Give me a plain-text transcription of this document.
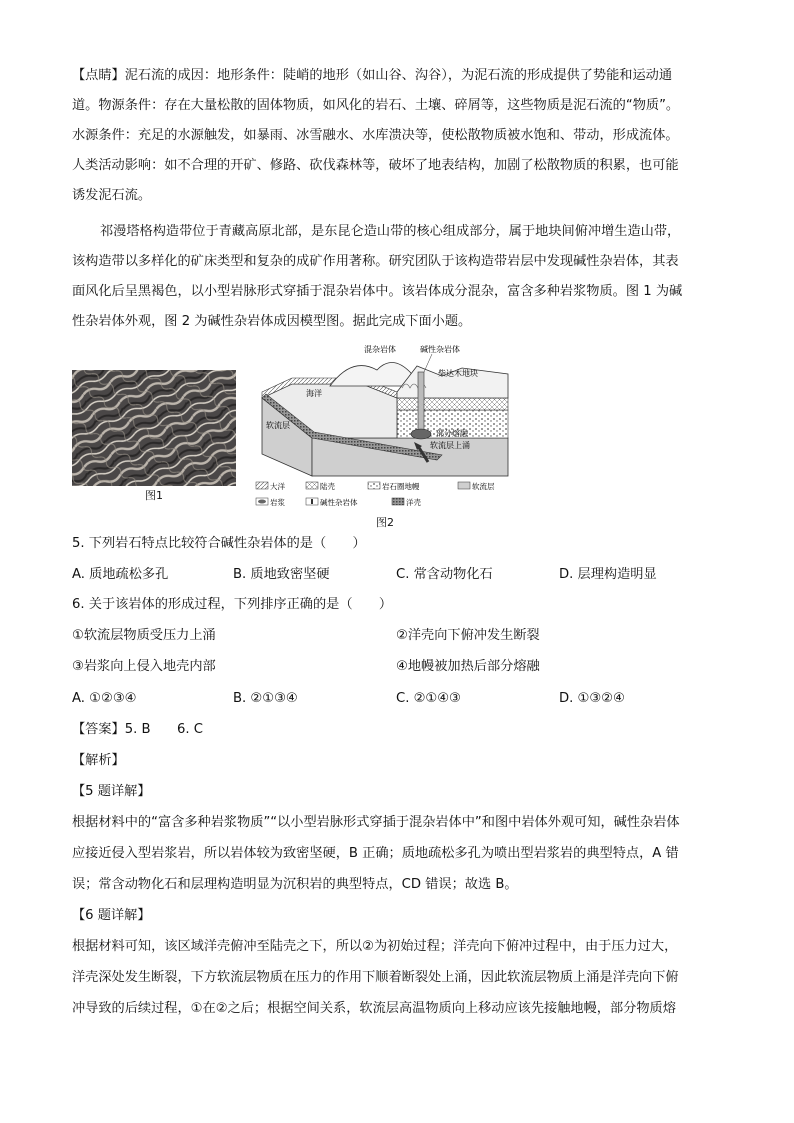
【点睛】泥石流的成因：地形条件：陡峭的地形（如山谷、沟谷），为泥石流的形成提供了势能和运动通
道。物源条件：存在大量松散的固体物质，如风化的岩石、土壤、碎屑等，这些物质是泥石流的“物质”。
水源条件：充足的水源触发，如暴雨、冰雪融水、水库溃决等，使松散物质被水饱和、带动，形成流体。
人类活动影响：如不合理的开矿、修路、砍伐森林等，破坏了地表结构，加剧了松散物质的积累，也可能
诱发泥石流。
祁漫塔格构造带位于青藏高原北部，是东昆仑造山带的核心组成部分，属于地块间俯冲增生造山带，
该构造带以多样化的矿床类型和复杂的成矿作用著称。研究团队于该构造带岩层中发现碱性杂岩体，其表
面风化后呈黑褐色，以小型岩脉形式穿插于混杂岩体中。该岩体成分混杂，富含多种岩浆物质。图 1 为碱
性杂岩体外观，图 2 为碱性杂岩体成因模型图。据此完成下面小题。
图1
混杂岩体	碱性杂岩体
柴达木地块
海洋
部分熔融
软流层
软流层上涌
大洋	陆壳	岩石圈地幔	软流层
岩浆	碱性杂岩体	洋壳
图2
5. 下列岩石特点比较符合碱性杂岩体的是（　　）
A. 质地疏松多孔	B. 质地致密坚硬	C. 常含动物化石	D. 层理构造明显
6. 关于该岩体的形成过程，下列排序正确的是（　　）
①软流层物质受压力上涌	②洋壳向下俯冲发生断裂
③岩浆向上侵入地壳内部	④地幔被加热后部分熔融
A. ①②③④	B. ②①③④	C. ②①④③	D. ①③②④
【答案】5. B　　6. C
【解析】
【5 题详解】
根据材料中的“富含多种岩浆物质”“以小型岩脉形式穿插于混杂岩体中”和图中岩体外观可知，碱性杂岩体
应接近侵入型岩浆岩，所以岩体较为致密坚硬，B 正确；质地疏松多孔为喷出型岩浆岩的典型特点，A 错
误；常含动物化石和层理构造明显为沉积岩的典型特点，CD 错误；故选 B。
【6 题详解】
根据材料可知，该区域洋壳俯冲至陆壳之下，所以②为初始过程；洋壳向下俯冲过程中，由于压力过大，
洋壳深处发生断裂，下方软流层物质在压力的作用下顺着断裂处上涌，因此软流层物质上涌是洋壳向下俯
冲导致的后续过程，①在②之后；根据空间关系，软流层高温物质向上移动应该先接触地幔，部分物质熔
